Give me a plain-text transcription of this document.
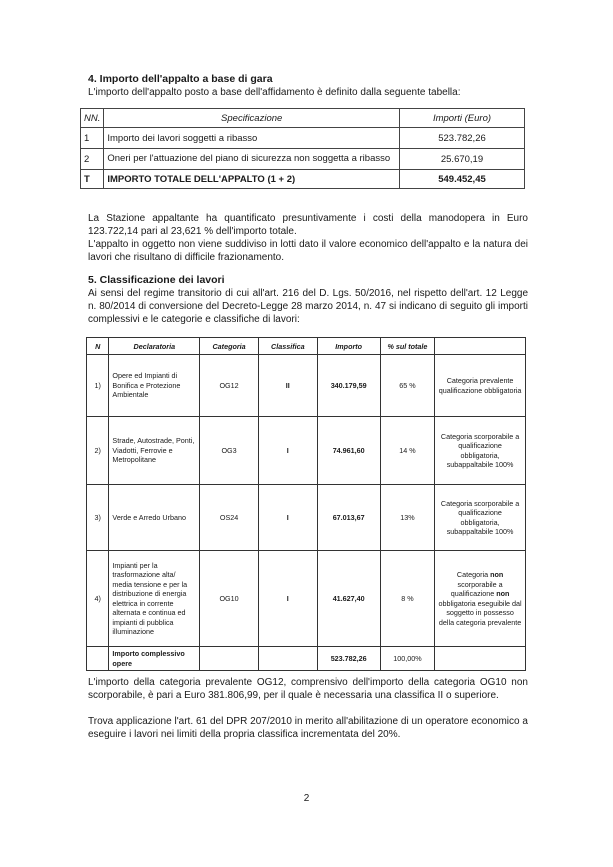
4. Importo dell'appalto a base di gara

L'importo dell'appalto posto a base dell'affidamento è definito dalla seguente tabella:

NN.	Specificazione	Importi (Euro)
1	Importo dei lavori soggetti a ribasso	523.782,26
2	Oneri per l'attuazione del piano di sicurezza non soggetta a ribasso	25.670,19
T	IMPORTO TOTALE DELL'APPALTO (1 + 2)	549.452,45

La Stazione appaltante ha quantificato presuntivamente i costi della manodopera in Euro 123.722,14 pari al 23,621 % dell'importo totale.

L'appalto in oggetto non viene suddiviso in lotti dato il valore economico dell'appalto e la natura dei lavori che risultano di difficile frazionamento.

5. Classificazione dei lavori

Ai sensi del regime transitorio di cui all'art. 216 del D. Lgs. 50/2016, nel rispetto dell'art. 12 Legge n. 80/2014 di conversione del Decreto-Legge 28 marzo 2014, n. 47 si indicano di seguito gli importi complessivi e le categorie e classifiche di lavori:

N	Declaratoria	Categoria	Classifica	Importo	% sul totale	
1)	Opere ed Impianti di Bonifica e Protezione Ambientale	OG12	II	340.179,59	65 %	Categoria prevalente qualificazione obbligatoria
2)	Strade, Autostrade, Ponti, Viadotti, Ferrovie e Metropolitane	OG3	I	74.961,60	14 %	Categoria scorporabile a qualificazione obbligatoria, subappaltabile 100%
3)	Verde e Arredo Urbano	OS24	I	67.013,67	13%	Categoria scorporabile a qualificazione obbligatoria, subappaltabile 100%
4)	Impianti per la trasformazione alta/ media tensione e per la distribuzione di energia elettrica in corrente alternata e continua ed impianti di pubblica illuminazione	OG10	I	41.627,40	8 %	Categoria non scorporabile a qualificazione non obbligatoria eseguibile dal soggetto in possesso della categoria prevalente
	Importo complessivo opere			523.782,26	100,00%	

L'importo della categoria prevalente OG12, comprensivo dell'importo della categoria OG10 non scorporabile, è pari a Euro 381.806,99, per il quale è necessaria una classifica II o superiore.

Trova applicazione l'art. 61 del DPR 207/2010 in merito all'abilitazione di un operatore economico a eseguire i lavori nei limiti della propria classifica incrementata del 20%.

2
